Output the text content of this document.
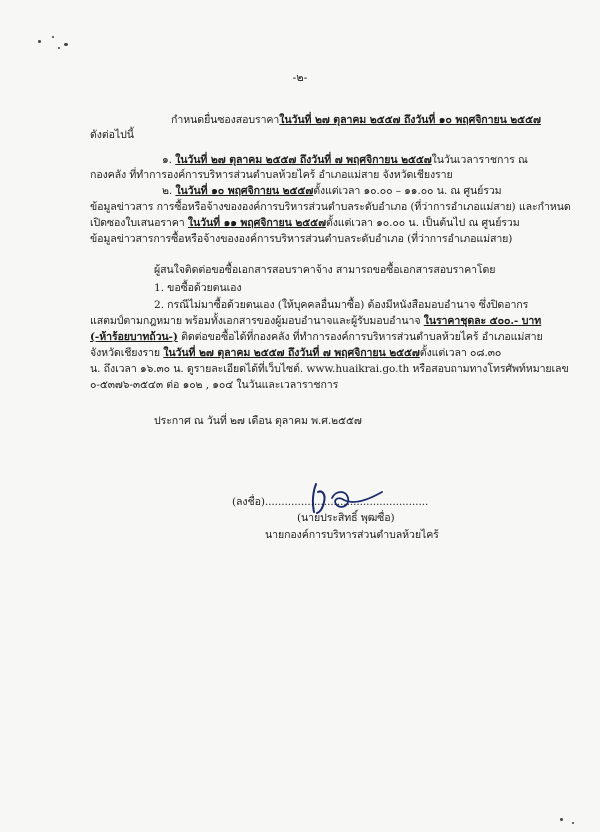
-๒-
กำหนดยื่นซองสอบราคาในวันที่ ๒๗ ตุลาคม ๒๕๕๗ ถึงวันที่ ๑๐ พฤศจิกายน ๒๕๕๗
ดังต่อไปนี้
๑. ในวันที่ ๒๗ ตุลาคม ๒๕๕๗ ถึงวันที่ ๗ พฤศจิกายน ๒๕๕๗ในวันเวลาราชการ ณ
กองคลัง ที่ทำการองค์การบริหารส่วนตำบลห้วยไคร้ อำเภอแม่สาย จังหวัดเชียงราย
๒. ในวันที่ ๑๐ พฤศจิกายน ๒๕๕๗ตั้งแต่เวลา ๑๐.๐๐ – ๑๑.๐๐ น. ณ ศูนย์รวม
ข้อมูลข่าวสาร การซื้อหรือจ้างขององค์การบริหารส่วนตำบลระดับอำเภอ (ที่ว่าการอำเภอแม่สาย) และกำหนด
เปิดซองใบเสนอราคา ในวันที่ ๑๑ พฤศจิกายน ๒๕๕๗ตั้งแต่เวลา ๑๐.๐๐ น. เป็นต้นไป ณ ศูนย์รวม
ข้อมูลข่าวสารการซื้อหรือจ้างขององค์การบริหารส่วนตำบลระดับอำเภอ (ที่ว่าการอำเภอแม่สาย)
ผู้สนใจติดต่อขอซื้อเอกสารสอบราคาจ้าง สามารถขอซื้อเอกสารสอบราคาโดย
1. ขอซื้อด้วยตนเอง
2. กรณีไม่มาซื้อด้วยตนเอง (ให้บุคคลอื่นมาซื้อ) ต้องมีหนังสือมอบอำนาจ ซึ่งปิดอากร
แสตมป์ตามกฎหมาย พร้อมทั้งเอกสารของผู้มอบอำนาจและผู้รับมอบอำนาจ ในราคาชุดละ ๕๐๐.- บาท
(-ห้าร้อยบาทถ้วน-) ติดต่อขอซื้อได้ที่กองคลัง ที่ทำการองค์การบริหารส่วนตำบลห้วยไคร้ อำเภอแม่สาย
จังหวัดเชียงราย ในวันที่ ๒๗ ตุลาคม ๒๕๕๗ ถึงวันที่ ๗ พฤศจิกายน ๒๕๕๗ตั้งแต่เวลา ๐๘.๓๐
น. ถึงเวลา ๑๖.๓๐ น. ดูรายละเอียดได้ที่เว็บไซต์. www.huaikrai.go.th หรือสอบถามทางโทรศัพท์หมายเลข
๐-๕๓๗๖-๓๕๔๓ ต่อ ๑๐๒ , ๑๐๔ ในวันและเวลาราชการ
ประกาศ ณ วันที่ ๒๗ เดือน ตุลาคม พ.ศ.๒๕๕๗
(ลงชื่อ)..................................................
(นายประสิทธิ์ พุฒซื่อ)
นายกองค์การบริหารส่วนตำบลห้วยไคร้
